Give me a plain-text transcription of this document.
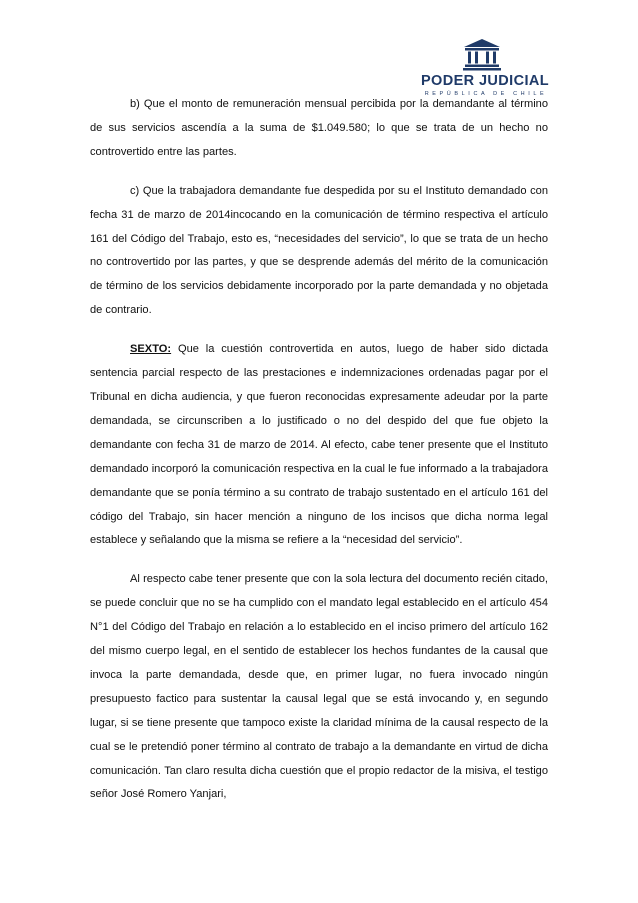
PODER JUDICIAL
REPÚBLICA DE CHILE

b) Que el monto de remuneración mensual percibida por la demandante al término de sus servicios ascendía a la suma de $1.049.580; lo que se trata de un hecho no controvertido entre las partes.

c) Que la trabajadora demandante fue despedida por su el Instituto demandado con fecha 31 de marzo de 2014incocando en la comunicación de término respectiva el artículo 161 del Código del Trabajo, esto es, “necesidades del servicio”, lo que se trata de un hecho no controvertido por las partes, y que se desprende además del mérito de la comunicación de término de los servicios debidamente incorporado por la parte demandada y no objetada de contrario.

SEXTO: Que la cuestión controvertida en autos, luego de haber sido dictada sentencia parcial respecto de las prestaciones e indemnizaciones ordenadas pagar por el Tribunal en dicha audiencia, y que fueron reconocidas expresamente adeudar por la parte demandada, se circunscriben a lo justificado o no del despido del que fue objeto la demandante con fecha 31 de marzo de 2014. Al efecto, cabe tener presente que el Instituto demandado incorporó la comunicación respectiva en la cual le fue informado a la trabajadora demandante que se ponía término a su contrato de trabajo sustentado en el artículo 161 del código del Trabajo, sin hacer mención a ninguno de los incisos que dicha norma legal establece y señalando que la misma se refiere a la “necesidad del servicio”.

Al respecto cabe tener presente que con la sola lectura del documento recién citado, se puede concluir que no se ha cumplido con el mandato legal establecido en el artículo 454 N°1 del Código del Trabajo en relación a lo establecido en el inciso primero del artículo 162 del mismo cuerpo legal, en el sentido de establecer los hechos fundantes de la causal que invoca la parte demandada, desde que, en primer lugar, no fuera invocado ningún presupuesto factico para sustentar la causal legal que se está invocando y, en segundo lugar, si se tiene presente que tampoco existe la claridad mínima de la causal respecto de la cual se le pretendió poner término al contrato de trabajo a la demandante en virtud de dicha comunicación. Tan claro resulta dicha cuestión que el propio redactor de la misiva, el testigo señor José Romero Yanjari,
